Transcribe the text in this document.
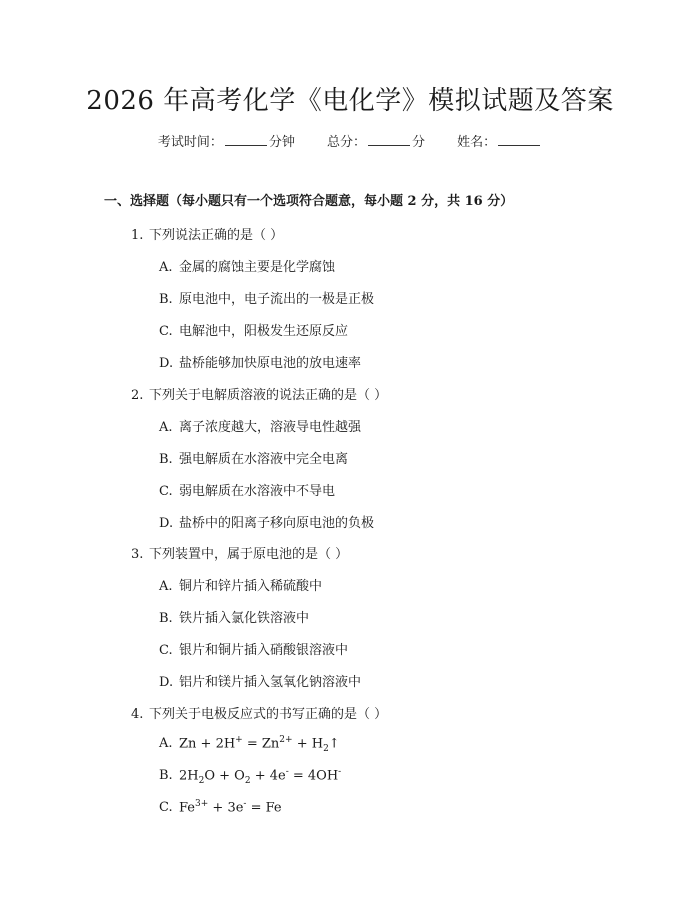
2026 年高考化学《电化学》模拟试题及答案
考试时间：	分钟 总分：	分 姓名：
一、选择题（每小题只有一个选项符合题意，每小题 2 分，共 16 分）
1. 下列说法正确的是（ ）
A. 金属的腐蚀主要是化学腐蚀
B. 原电池中，电子流出的一极是正极
C. 电解池中，阳极发生还原反应
D. 盐桥能够加快原电池的放电速率
2. 下列关于电解质溶液的说法正确的是（ ）
A. 离子浓度越大，溶液导电性越强
B. 强电解质在水溶液中完全电离
C. 弱电解质在水溶液中不导电
D. 盐桥中的阳离子移向原电池的负极
3. 下列装置中，属于原电池的是（ ）
A. 铜片和锌片插入稀硫酸中
B. 铁片插入氯化铁溶液中
C. 银片和铜片插入硝酸银溶液中
D. 铝片和镁片插入氢氧化钠溶液中
4. 下列关于电极反应式的书写正确的是（ ）
A. $Zn + 2H^+ = Zn^{2+}$ + $H_2↑$
B. $2H_2O + O_2 + 4e^- = 4OH^-$
C. $Fe^{3+} + 3e^- = Fe$
